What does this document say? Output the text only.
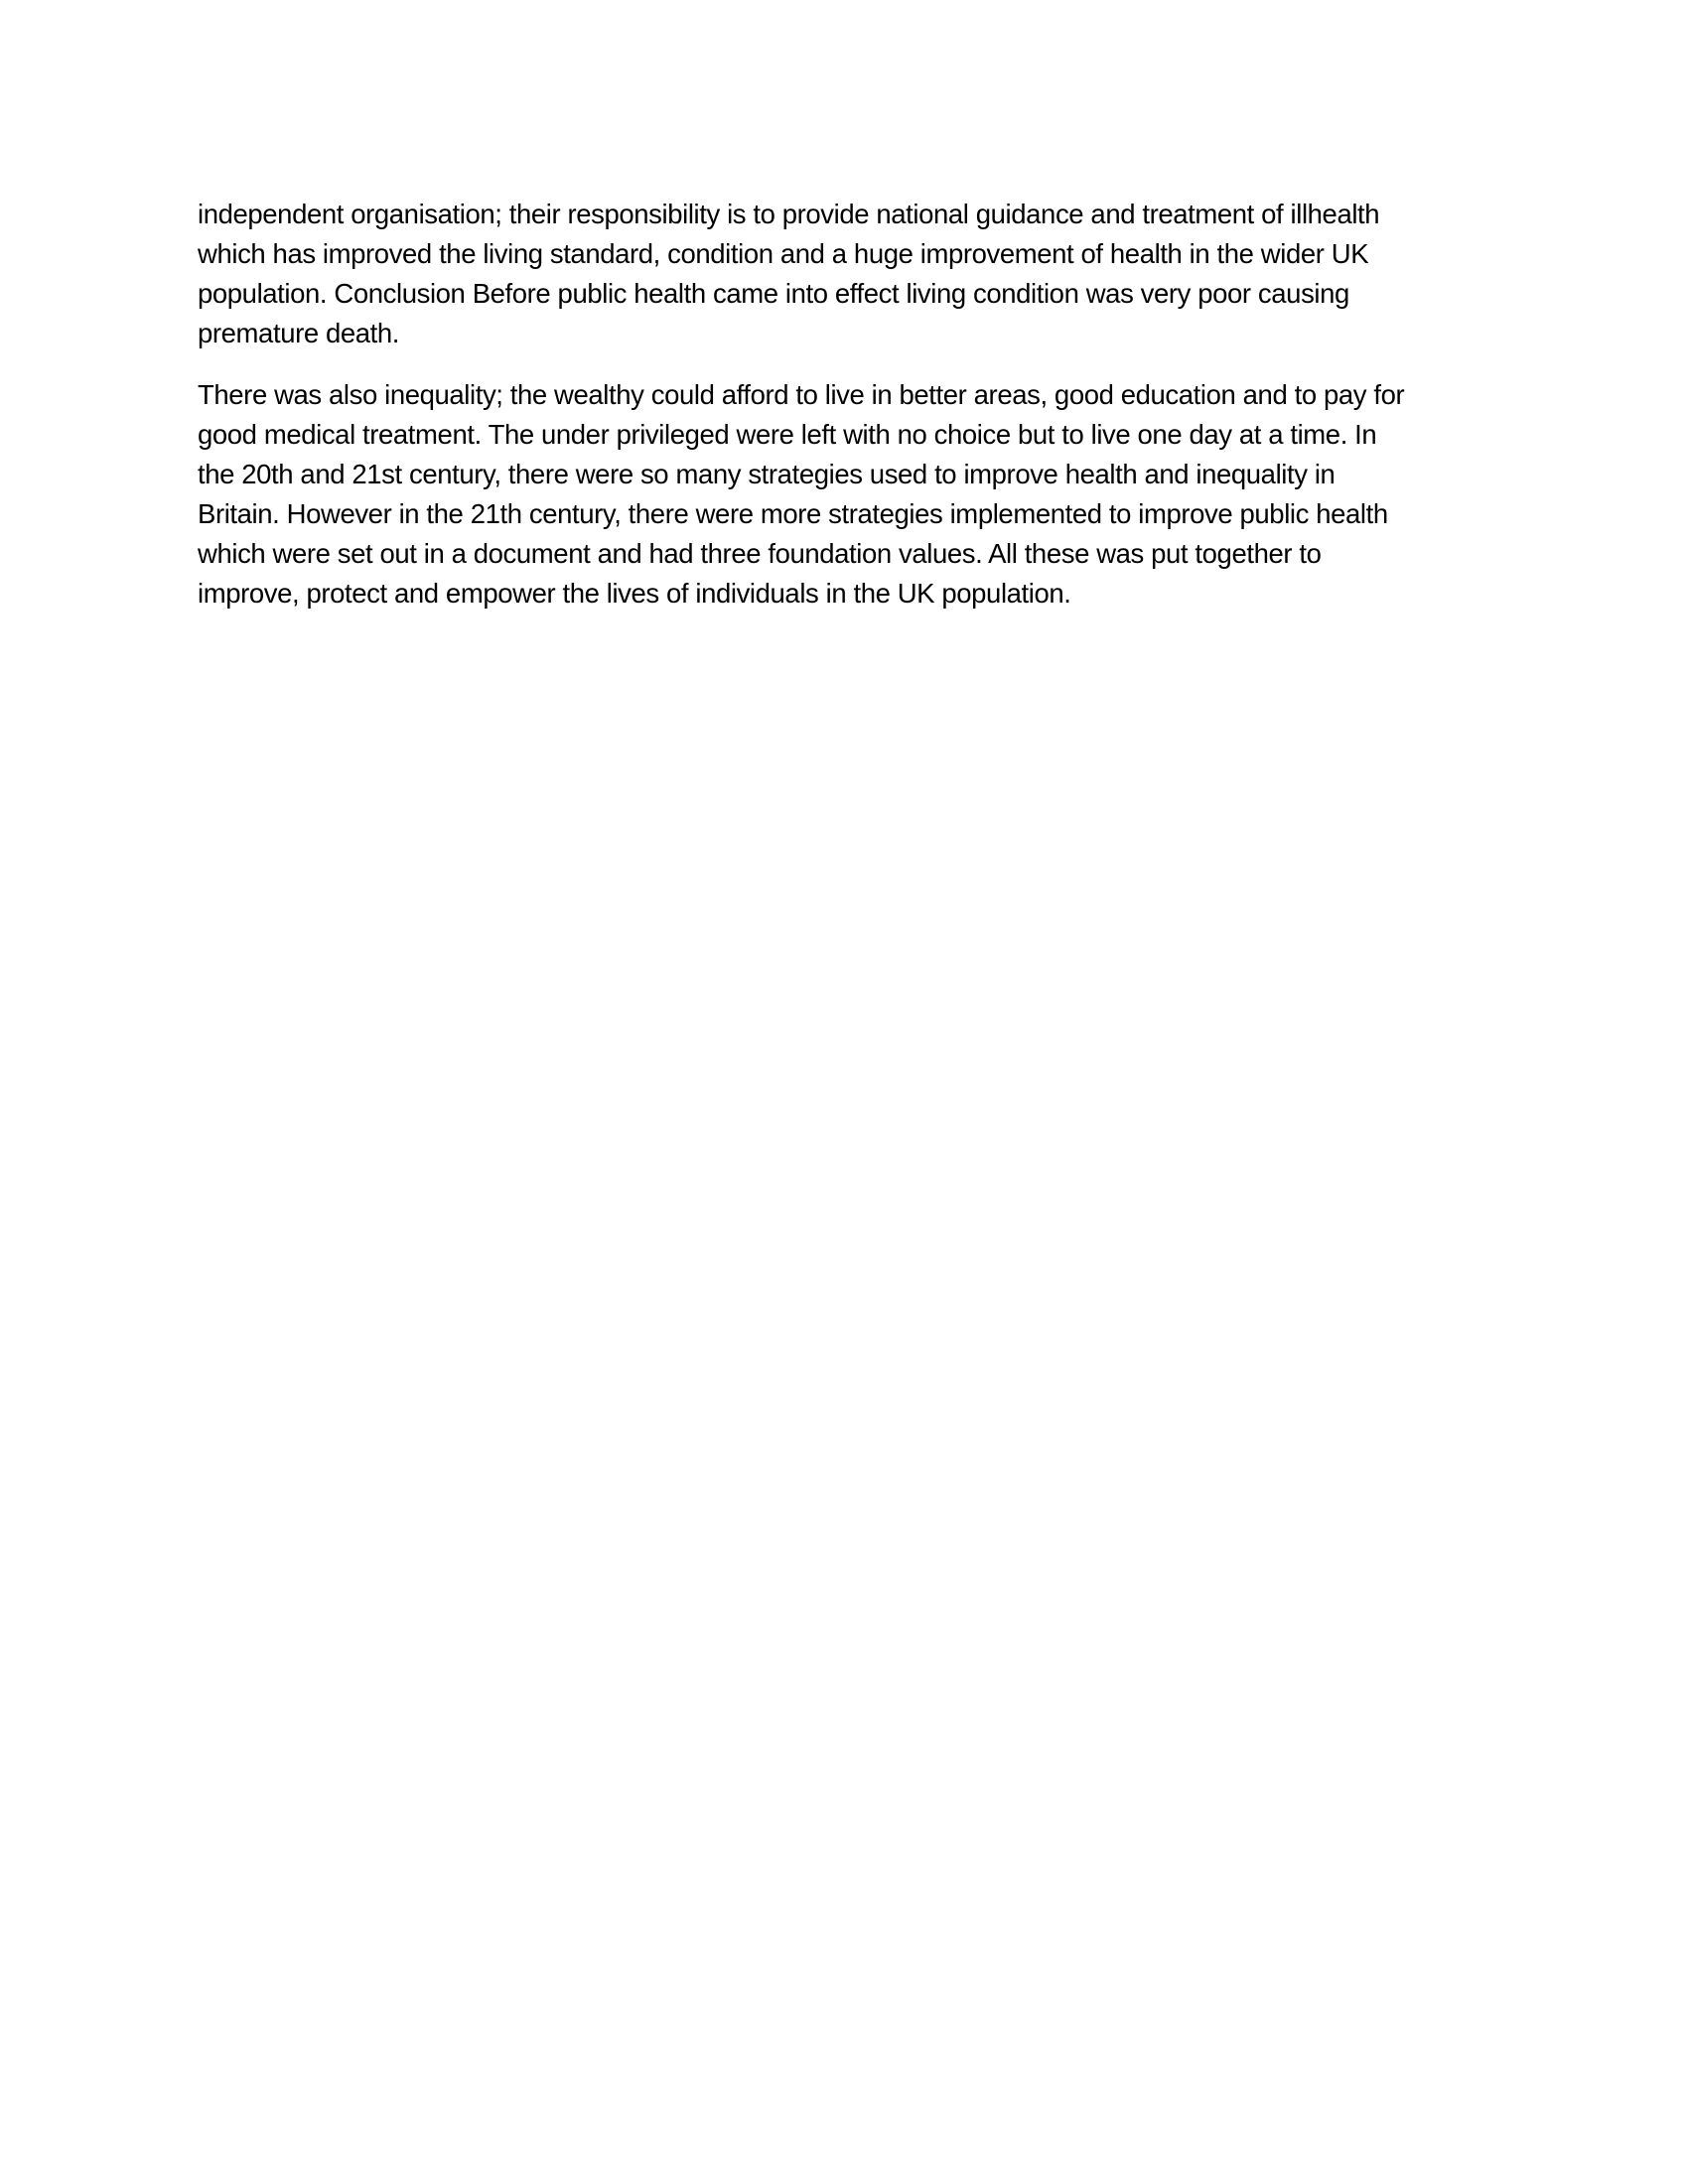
independent organisation; their responsibility is to provide national guidance and treatment of illhealth
which has improved the living standard, condition and a huge improvement of health in the wider UK
population. Conclusion Before public health came into effect living condition was very poor causing
premature death.

There was also inequality; the wealthy could afford to live in better areas, good education and to pay for
good medical treatment. The under privileged were left with no choice but to live one day at a time. In
the 20th and 21st century, there were so many strategies used to improve health and inequality in
Britain. However in the 21th century, there were more strategies implemented to improve public health
which were set out in a document and had three foundation values. All these was put together to
improve, protect and empower the lives of individuals in the UK population.
